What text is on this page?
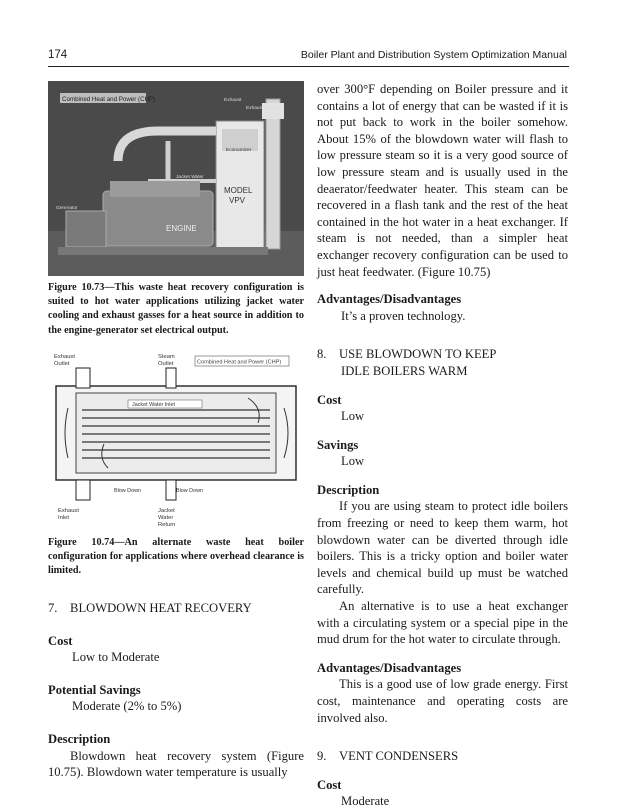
174	Boiler Plant and Distribution System Optimization Manual
Combined Heat and Power (CHP)	Exhaust
Exhaust Silencer
Economizer
MODEL
VPV
Jacket Water
ENGINE
Generator
Figure 10.73—This waste heat recovery configuration is suited to hot water applications utilizing jacket water cooling and exhaust gasses for a heat source in addition to the engine-generator set electrical output.
Exhaust
Outlet
Steam
Outlet	Combined Heat and Power (CHP)
Jacket Water Inlet
Blow Down	Blow Down
Exhaust
Inlet
Jacket
Water
Return
Figure 10.74—An alternate waste heat boiler configuration for applications where overhead clearance is limited.

7.    BLOWDOWN HEAT RECOVERY

Cost

Low to Moderate

Potential Savings

Moderate (2% to 5%)

Description

Blowdown heat recovery system (Figure 10.75). Blowdown water temperature is usually

over 300°F depending on Boiler pressure and it contains a lot of energy that can be wasted if it is not put back to work in the boiler somehow. About 15% of the blowdown water will flash to low pressure steam so it is a very good source of low pressure steam and is usually used in the deaerator/feedwater heater. This steam can be recovered in a flash tank and the rest of the heat contained in the hot water in a heat exchanger. If steam is not needed, than a simpler heat exchanger recovery configuration can be used to just heat feedwater. (Figure 10.75)

Advantages/Disadvantages

It’s a proven technology.

8.    USE BLOWDOWN TO KEEP

IDLE BOILERS WARM

Cost

Low

Savings

Low

Description

If you are using steam to protect idle boilers from freezing or need to keep them warm, hot blowdown water can be diverted through idle boilers. This is a tricky option and boiler water levels and chemical build up must be watched carefully.

An alternative is to use a heat exchanger with a circulating system or a special pipe in the mud drum for the hot water to circulate through.

Advantages/Disadvantages

This is a good use of low grade energy. First cost, maintenance and operating costs are involved also.

9.    VENT CONDENSERS

Cost

Moderate
